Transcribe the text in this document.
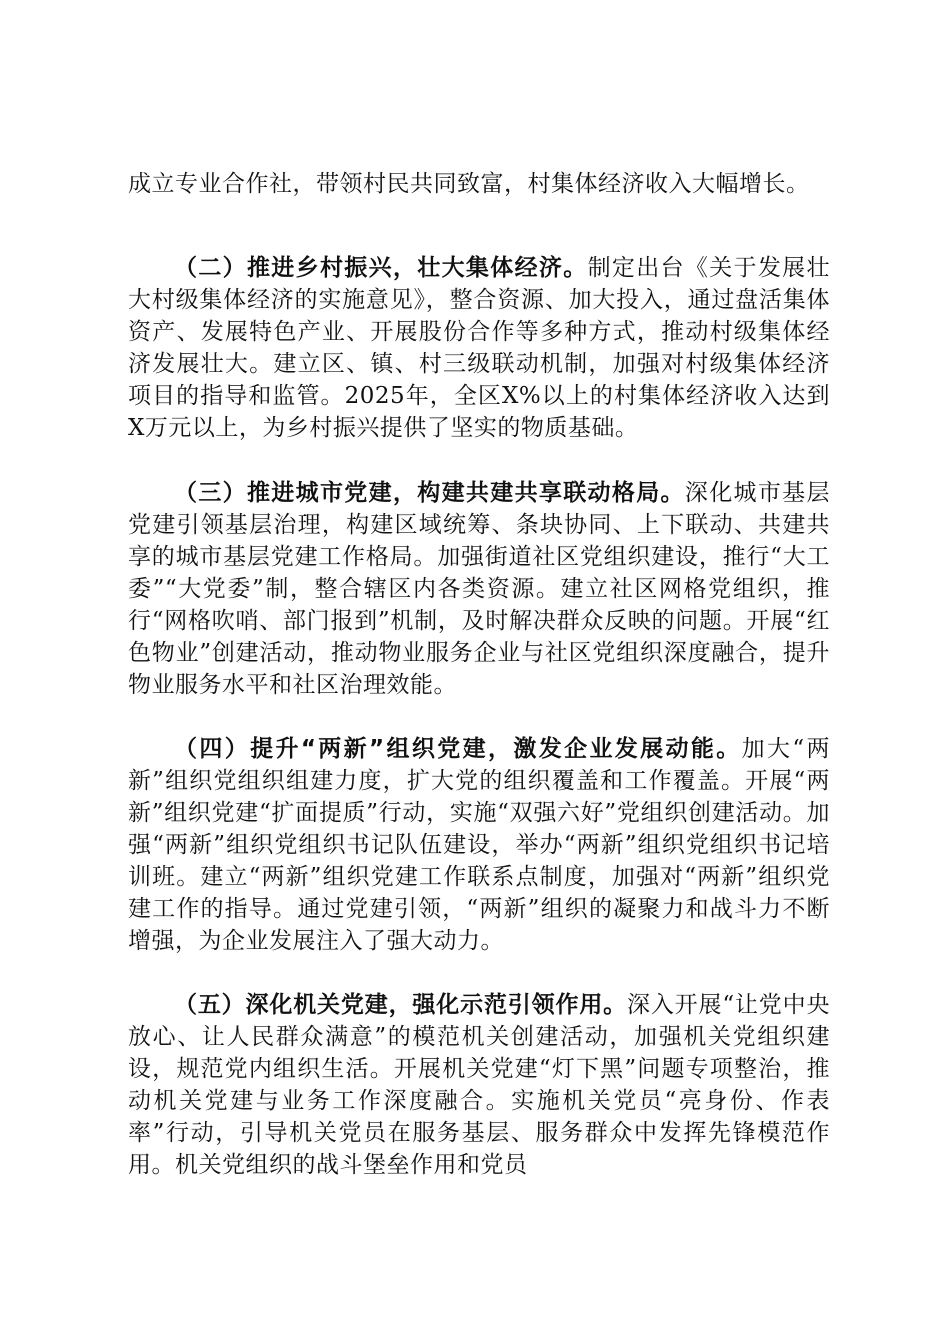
成立专业合作社，带领村民共同致富，村集体经济收入大幅增长。

（二）推进乡村振兴，壮大集体经济。制定出台《关于发展壮大村级集体经济的实施意见》，整合资源、加大投入，通过盘活集体资产、发展特色产业、开展股份合作等多种方式，推动村级集体经济发展壮大。建立区、镇、村三级联动机制，加强对村级集体经济项目的指导和监管。2025年，全区X%以上的村集体经济收入达到X万元以上，为乡村振兴提供了坚实的物质基础。

（三）推进城市党建，构建共建共享联动格局。深化城市基层党建引领基层治理，构建区域统筹、条块协同、上下联动、共建共享的城市基层党建工作格局。加强街道社区党组织建设，推行“大工委”“大党委”制，整合辖区内各类资源。建立社区网格党组织，推行“网格吹哨、部门报到”机制，及时解决群众反映的问题。开展“红色物业”创建活动，推动物业服务企业与社区党组织深度融合，提升物业服务水平和社区治理效能。

（四）提升“两新”组织党建，激发企业发展动能。加大“两新”组织党组织组建力度，扩大党的组织覆盖和工作覆盖。开展“两新”组织党建“扩面提质”行动，实施“双强六好”党组织创建活动。加强“两新”组织党组织书记队伍建设，举办“两新”组织党组织书记培训班。建立“两新”组织党建工作联系点制度，加强对“两新”组织党建工作的指导。通过党建引领，“两新”组织的凝聚力和战斗力不断增强，为企业发展注入了强大动力。

（五）深化机关党建，强化示范引领作用。深入开展“让党中央放心、让人民群众满意”的模范机关创建活动，加强机关党组织建设，规范党内组织生活。开展机关党建“灯下黑”问题专项整治，推动机关党建与业务工作深度融合。实施机关党员“亮身份、作表率”行动，引导机关党员在服务基层、服务群众中发挥先锋模范作用。机关党组织的战斗堡垒作用和党员
